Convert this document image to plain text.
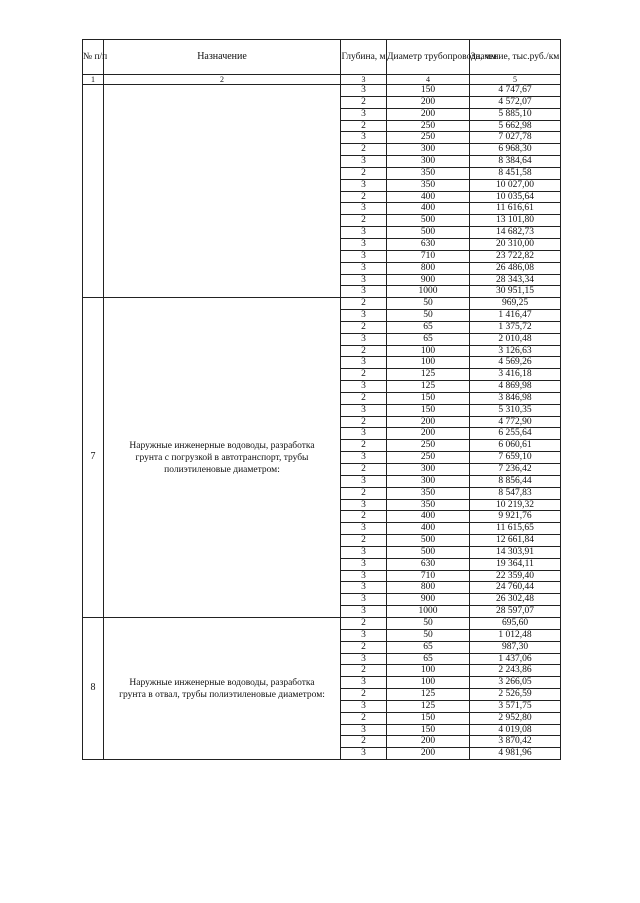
№ п/п	Назначение	Глубина, м	Диаметр трубопровода, мм	Значение, тыс.руб./км
1	2	3	4	5
		3	150	4 747,67
		2	200	4 572,07
		3	200	5 885,10
		2	250	5 662,98
		3	250	7 027,78
		2	300	6 968,30
		3	300	8 384,64
		2	350	8 451,58
		3	350	10 027,00
		2	400	10 035,64
		3	400	11 616,61
		2	500	13 101,80
		3	500	14 682,73
		3	630	20 310,00
		3	710	23 722,82
		3	800	26 486,08
		3	900	28 343,34
		3	1000	30 951,15
7	Наружные инженерные водоводы, разработка грунта с погрузкой в автотранспорт, трубы полиэтиленовые диаметром:	2	50	969,25
		3	50	1 416,47
		2	65	1 375,72
		3	65	2 010,48
		2	100	3 126,63
		3	100	4 569,26
		2	125	3 416,18
		3	125	4 869,98
		2	150	3 846,98
		3	150	5 310,35
		2	200	4 772,90
		3	200	6 255,64
		2	250	6 060,61
		3	250	7 659,10
		2	300	7 236,42
		3	300	8 856,44
		2	350	8 547,83
		3	350	10 219,32
		2	400	9 921,76
		3	400	11 615,65
		2	500	12 661,84
		3	500	14 303,91
		3	630	19 364,11
		3	710	22 359,40
		3	800	24 760,44
		3	900	26 302,48
		3	1000	28 597,07
8	Наружные инженерные водоводы, разработка грунта в отвал, трубы полиэтиленовые диаметром:	2	50	695,60
		3	50	1 012,48
		2	65	987,30
		3	65	1 437,06
		2	100	2 243,86
		3	100	3 266,05
		2	125	2 526,59
		3	125	3 571,75
		2	150	2 952,80
		3	150	4 019,08
		2	200	3 870,42
		3	200	4 981,96
